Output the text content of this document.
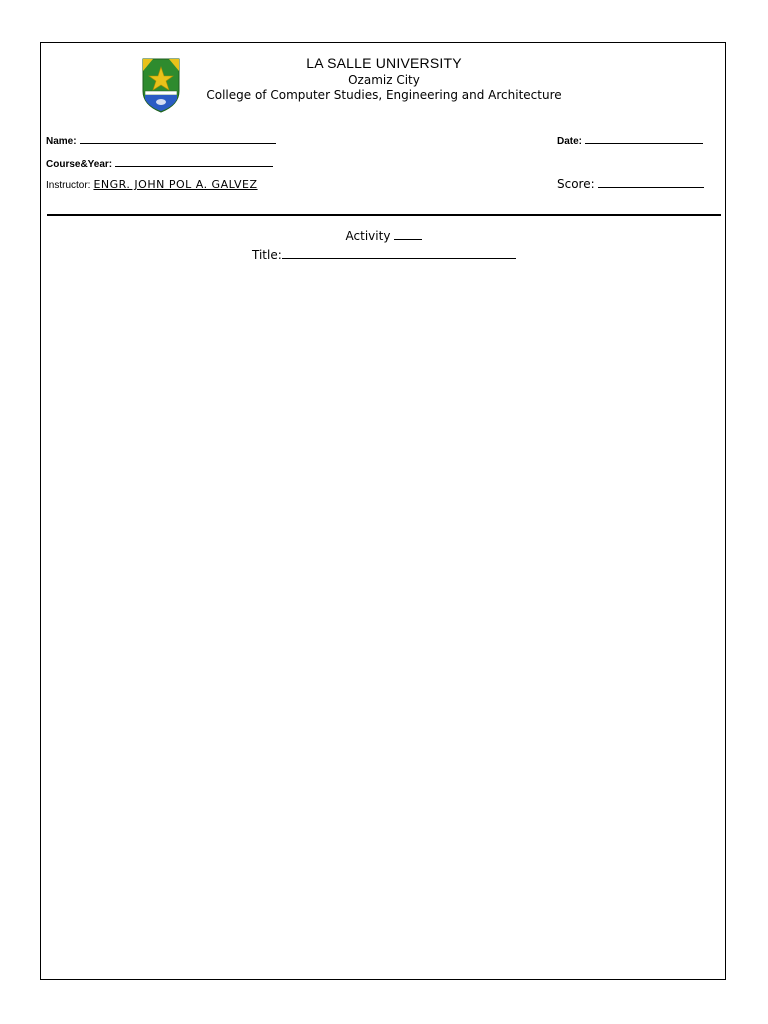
LA SALLE UNIVERSITY
Ozamiz City
College of Computer Studies, Engineering and Architecture
Name:	Date:
Course&Year:
Instructor: ENGR. JOHN POL A. GALVEZ	Score:
Activity
Title:
